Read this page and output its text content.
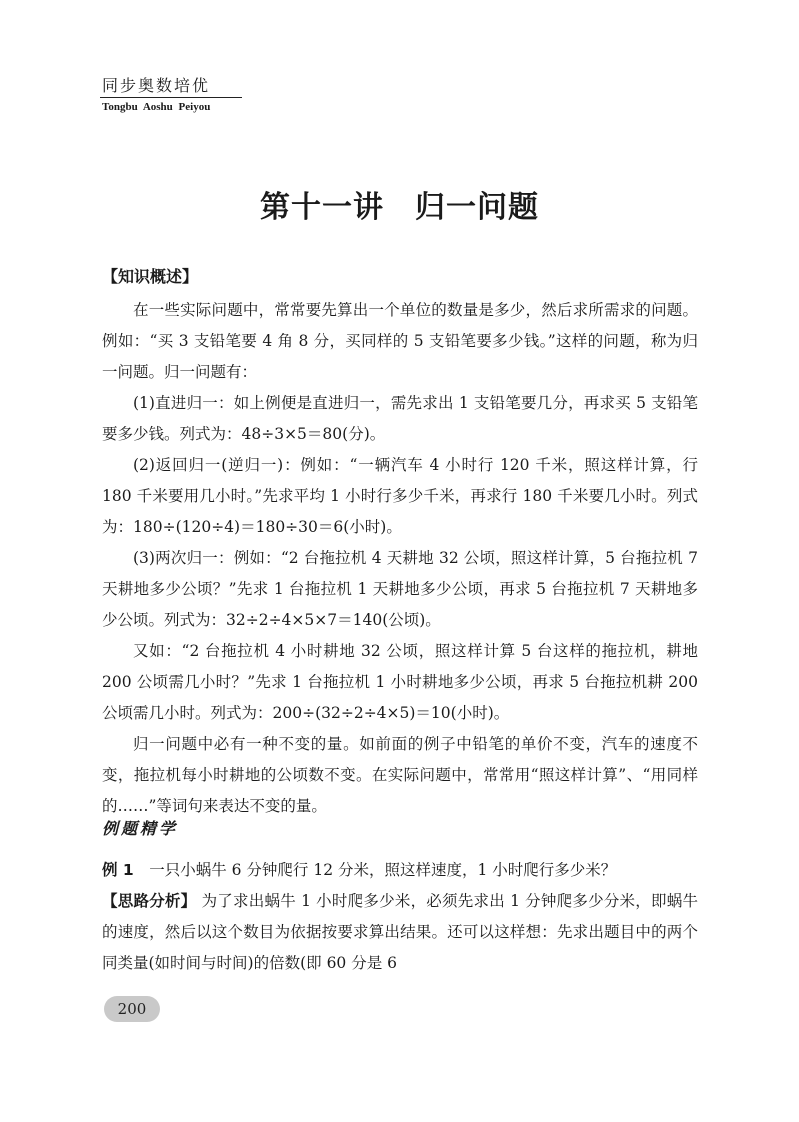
同步奥数培优
Tongbu Aoshu Peiyou
第十一讲　归一问题
【知识概述】

在一些实际问题中，常常要先算出一个单位的数量是多少，然后求所需求的问题。例如：“买 3 支铅笔要 4 角 8 分，买同样的 5 支铅笔要多少钱。”这样的问题，称为归一问题。归一问题有：

(1)直进归一：如上例便是直进归一，需先求出 1 支铅笔要几分，再求买 5 支铅笔要多少钱。列式为：48÷3×5＝80(分)。

(2)返回归一(逆归一)：例如：“一辆汽车 4 小时行 120 千米，照这样计算，行 180 千米要用几小时。”先求平均 1 小时行多少千米，再求行 180 千米要几小时。列式为：180÷(120÷4)＝180÷30＝6(小时)。

(3)两次归一：例如：“2 台拖拉机 4 天耕地 32 公顷，照这样计算，5 台拖拉机 7 天耕地多少公顷？”先求 1 台拖拉机 1 天耕地多少公顷，再求 5 台拖拉机 7 天耕地多少公顷。列式为：32÷2÷4×5×7＝140(公顷)。

又如：“2 台拖拉机 4 小时耕地 32 公顷，照这样计算 5 台这样的拖拉机，耕地 200 公顷需几小时？”先求 1 台拖拉机 1 小时耕地多少公顷，再求 5 台拖拉机耕 200 公顷需几小时。列式为：200÷(32÷2÷4×5)＝10(小时)。

归一问题中必有一种不变的量。如前面的例子中铅笔的单价不变，汽车的速度不变，拖拉机每小时耕地的公顷数不变。在实际问题中，常常用“照这样计算”、“用同样的……”等词句来表达不变的量。

例题精学

例 1　 一只小蜗牛 6 分钟爬行 12 分米，照这样速度，1 小时爬行多少米？

【思路分析】 为了求出蜗牛 1 小时爬多少米，必须先求出 1 分钟爬多少分米，即蜗牛的速度，然后以这个数目为依据按要求算出结果。还可以这样想：先求出题目中的两个同类量(如时间与时间)的倍数(即 60 分是 6

200
